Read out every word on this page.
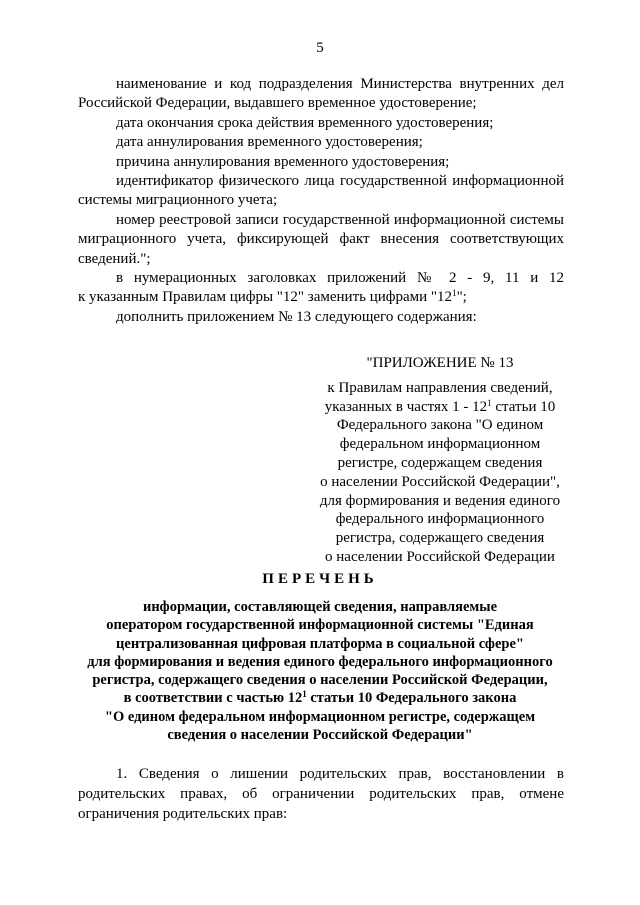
5

наименование и код подразделения Министерства внутренних дел Российской Федерации, выдавшего временное удостоверение;

дата окончания срока действия временного удостоверения;

дата аннулирования временного удостоверения;

причина аннулирования временного удостоверения;

идентификатор физического лица государственной информационной системы миграционного учета;

номер реестровой записи государственной информационной системы миграционного учета, фиксирующей факт внесения соответствующих сведений.";

в нумерационных заголовках приложений № 2 - 9, 11 и 12

к указанным Правилам цифры "12" заменить цифрами "$12^1$";

дополнить приложением № 13 следующего содержания:

"ПРИЛОЖЕНИЕ № 13
к Правилам направления сведений,
указанных в частях $1 - 12^1$ статьи 10
Федерального закона "О едином
федеральном информационном
регистре, содержащем сведения
о населении Российской Федерации",
для формирования и ведения единого
федерального информационного
регистра, содержащего сведения
о населении Российской Федерации
ПЕРЕЧЕНЬ
информации, составляющей сведения, направляемые
оператором государственной информационной системы "Единая
централизованная цифровая платформа в социальной сфере"
для формирования и ведения единого федерального информационного
регистра, содержащего сведения о населении Российской Федерации,
в соответствии с частью $12^1$ статьи 10 Федерального закона
"О едином федеральном информационном регистре, содержащем
сведения о населении Российской Федерации"

1. Сведения о лишении родительских прав, восстановлении в родительских правах, об ограничении родительских прав, отмене ограничения родительских прав:
